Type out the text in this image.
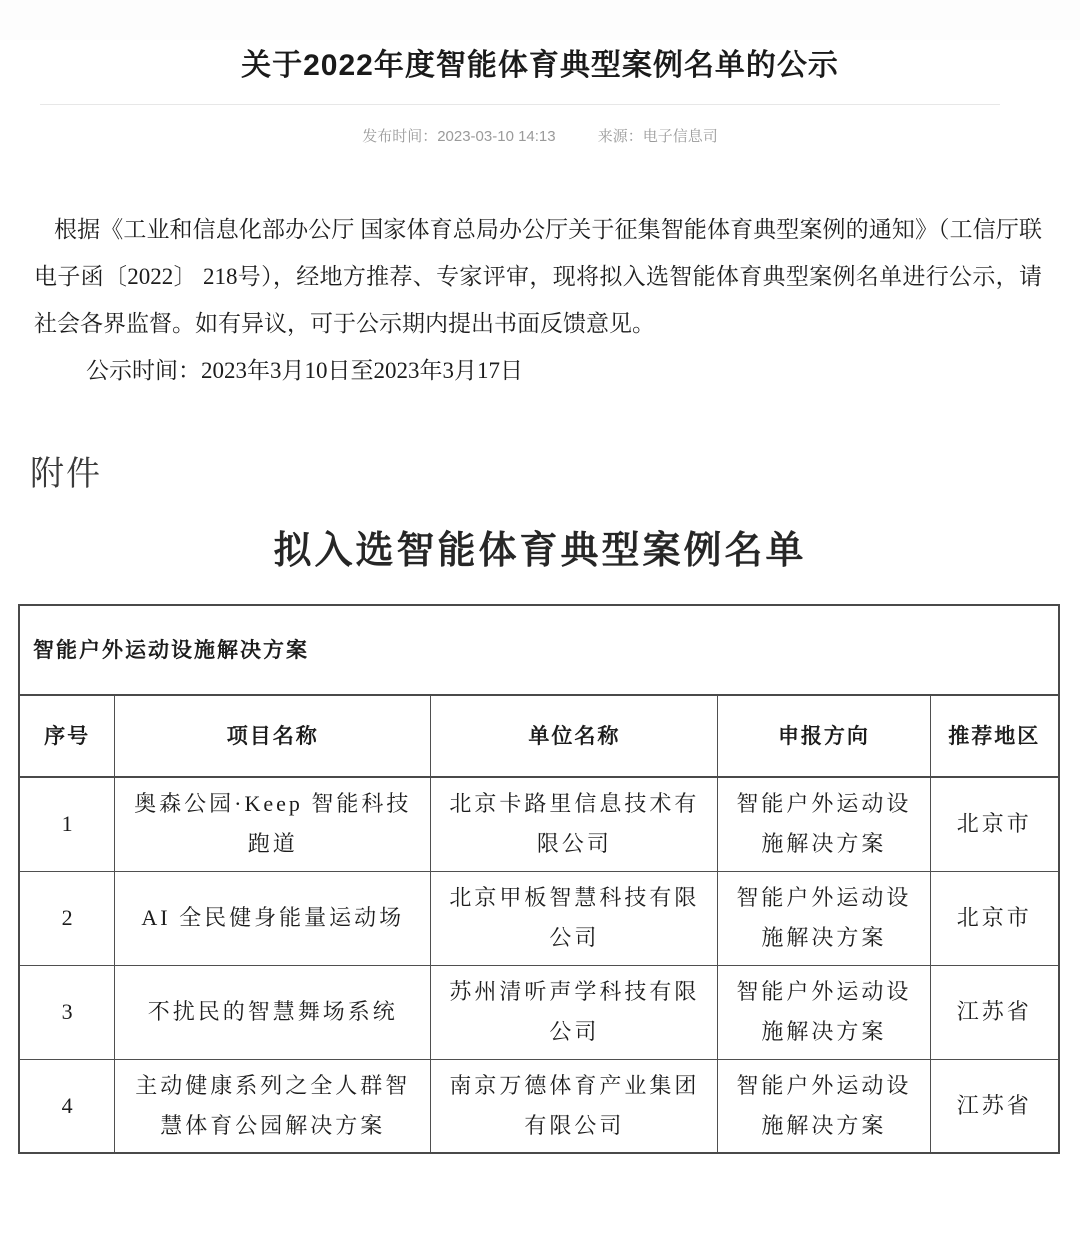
关于2022年度智能体育典型案例名单的公示
发布时间：2023-03-10 14:13	来源：电子信息司

根据《工业和信息化部办公厅 国家体育总局办公厅关于征集智能体育典型案例的通知》（工信厅联电子函〔2022〕 218号），经地方推荐、专家评审，现将拟入选智能体育典型案例名单进行公示，请社会各界监督。如有异议，可于公示期内提出书面反馈意见。

公示时间：2023年3月10日至2023年3月17日

附件
拟入选智能体育典型案例名单
智能户外运动设施解决方案				
序号	项目名称	单位名称	申报方向	推荐地区
1	奥森公园·Keep 智能科技跑道	北京卡路里信息技术有限公司	智能户外运动设施解决方案	北京市
2	AI 全民健身能量运动场	北京甲板智慧科技有限公司	智能户外运动设施解决方案	北京市
3	不扰民的智慧舞场系统	苏州清听声学科技有限公司	智能户外运动设施解决方案	江苏省
4	主动健康系列之全人群智慧体育公园解决方案	南京万德体育产业集团有限公司	智能户外运动设施解决方案	江苏省
